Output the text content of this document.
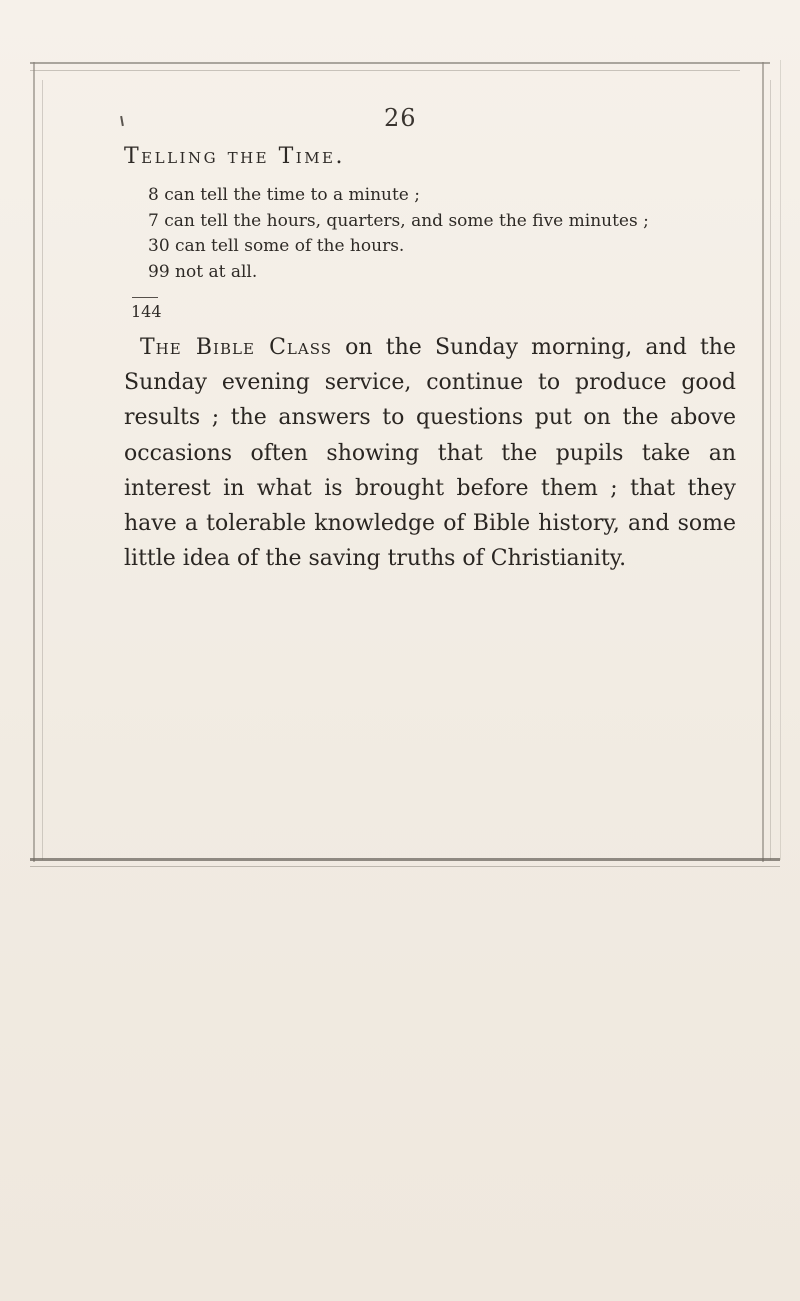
26
Telling the Time.
8 can tell the time to a minute ;
7 can tell the hours, quarters, and some the five minutes ;
30 can tell some of the hours.
99 not at all.
144

The Bible Class on the Sunday morning, and the Sunday evening service, continue to produce good results ; the answers to questions put on the above occasions often showing that the pupils take an interest in what is brought before them ; that they have a tolerable knowledge of Bible history, and some little idea of the saving truths of Christianity.
